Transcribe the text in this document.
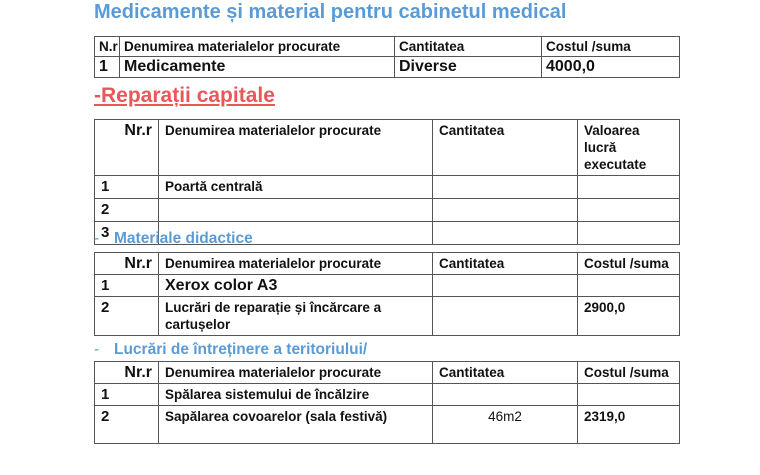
Medicamente și material pentru cabinetul medical
N.r	Denumirea materialelor procurate	Cantitatea	Costul /suma
1	Medicamente	Diverse	4000,0
-Reparații capitale
Nr.r	Denumirea materialelor procurate	Cantitatea	Valoarea lucră executate
1	Poartă centrală		
2			
3			
- Materiale didactice
Nr.r	Denumirea materialelor procurate	Cantitatea	Costul /suma
1	Xerox color A3		
2	Lucrări de reparație și încărcare a cartușelor		2900,0
- Lucrări de întreținere a teritoriului/
Nr.r	Denumirea materialelor procurate	Cantitatea	Costul /suma
1	Spălarea sistemului de încălzire		
2	Sapălarea covoarelor (sala festivă)	46m2	2319,0
